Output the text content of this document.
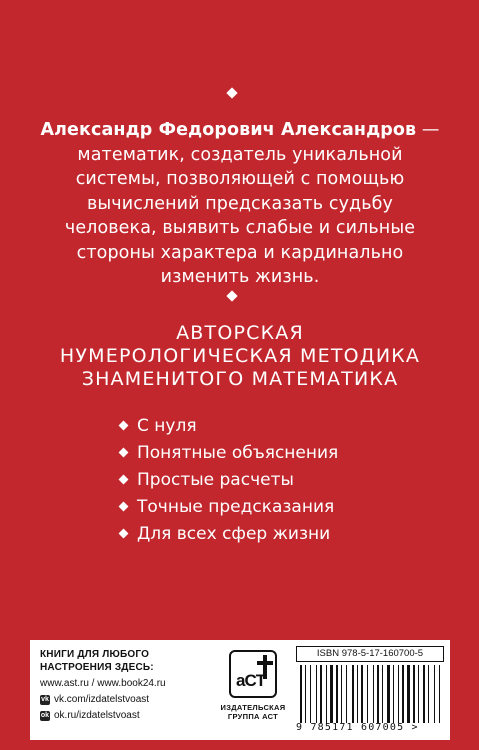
Александр Федорович Александров — математик, создатель уникальной системы, позволяющей с помощью вычислений предсказать судьбу человека, выявить слабые и сильные стороны характера и кардинально изменить жизнь.
АВТОРСКАЯ
НУМЕРОЛОГИЧЕСКАЯ МЕТОДИКА
ЗНАМЕНИТОГО МАТЕМАТИКА
С нуля
Понятные объяснения
Простые расчеты
Точные предсказания
Для всех сфер жизни
КНИГИ ДЛЯ ЛЮБОГО
НАСТРОЕНИЯ ЗДЕСЬ:
www.ast.ru / www.book24.ru
vk vk.com/izdatelstvoast
ok ok.ru/izdatelstvoast
aCT
ИЗДАТЕЛЬСКАЯ
ГРУППА АСТ
ISBN 978-5-17-160700-5
9 785171 607005 >
